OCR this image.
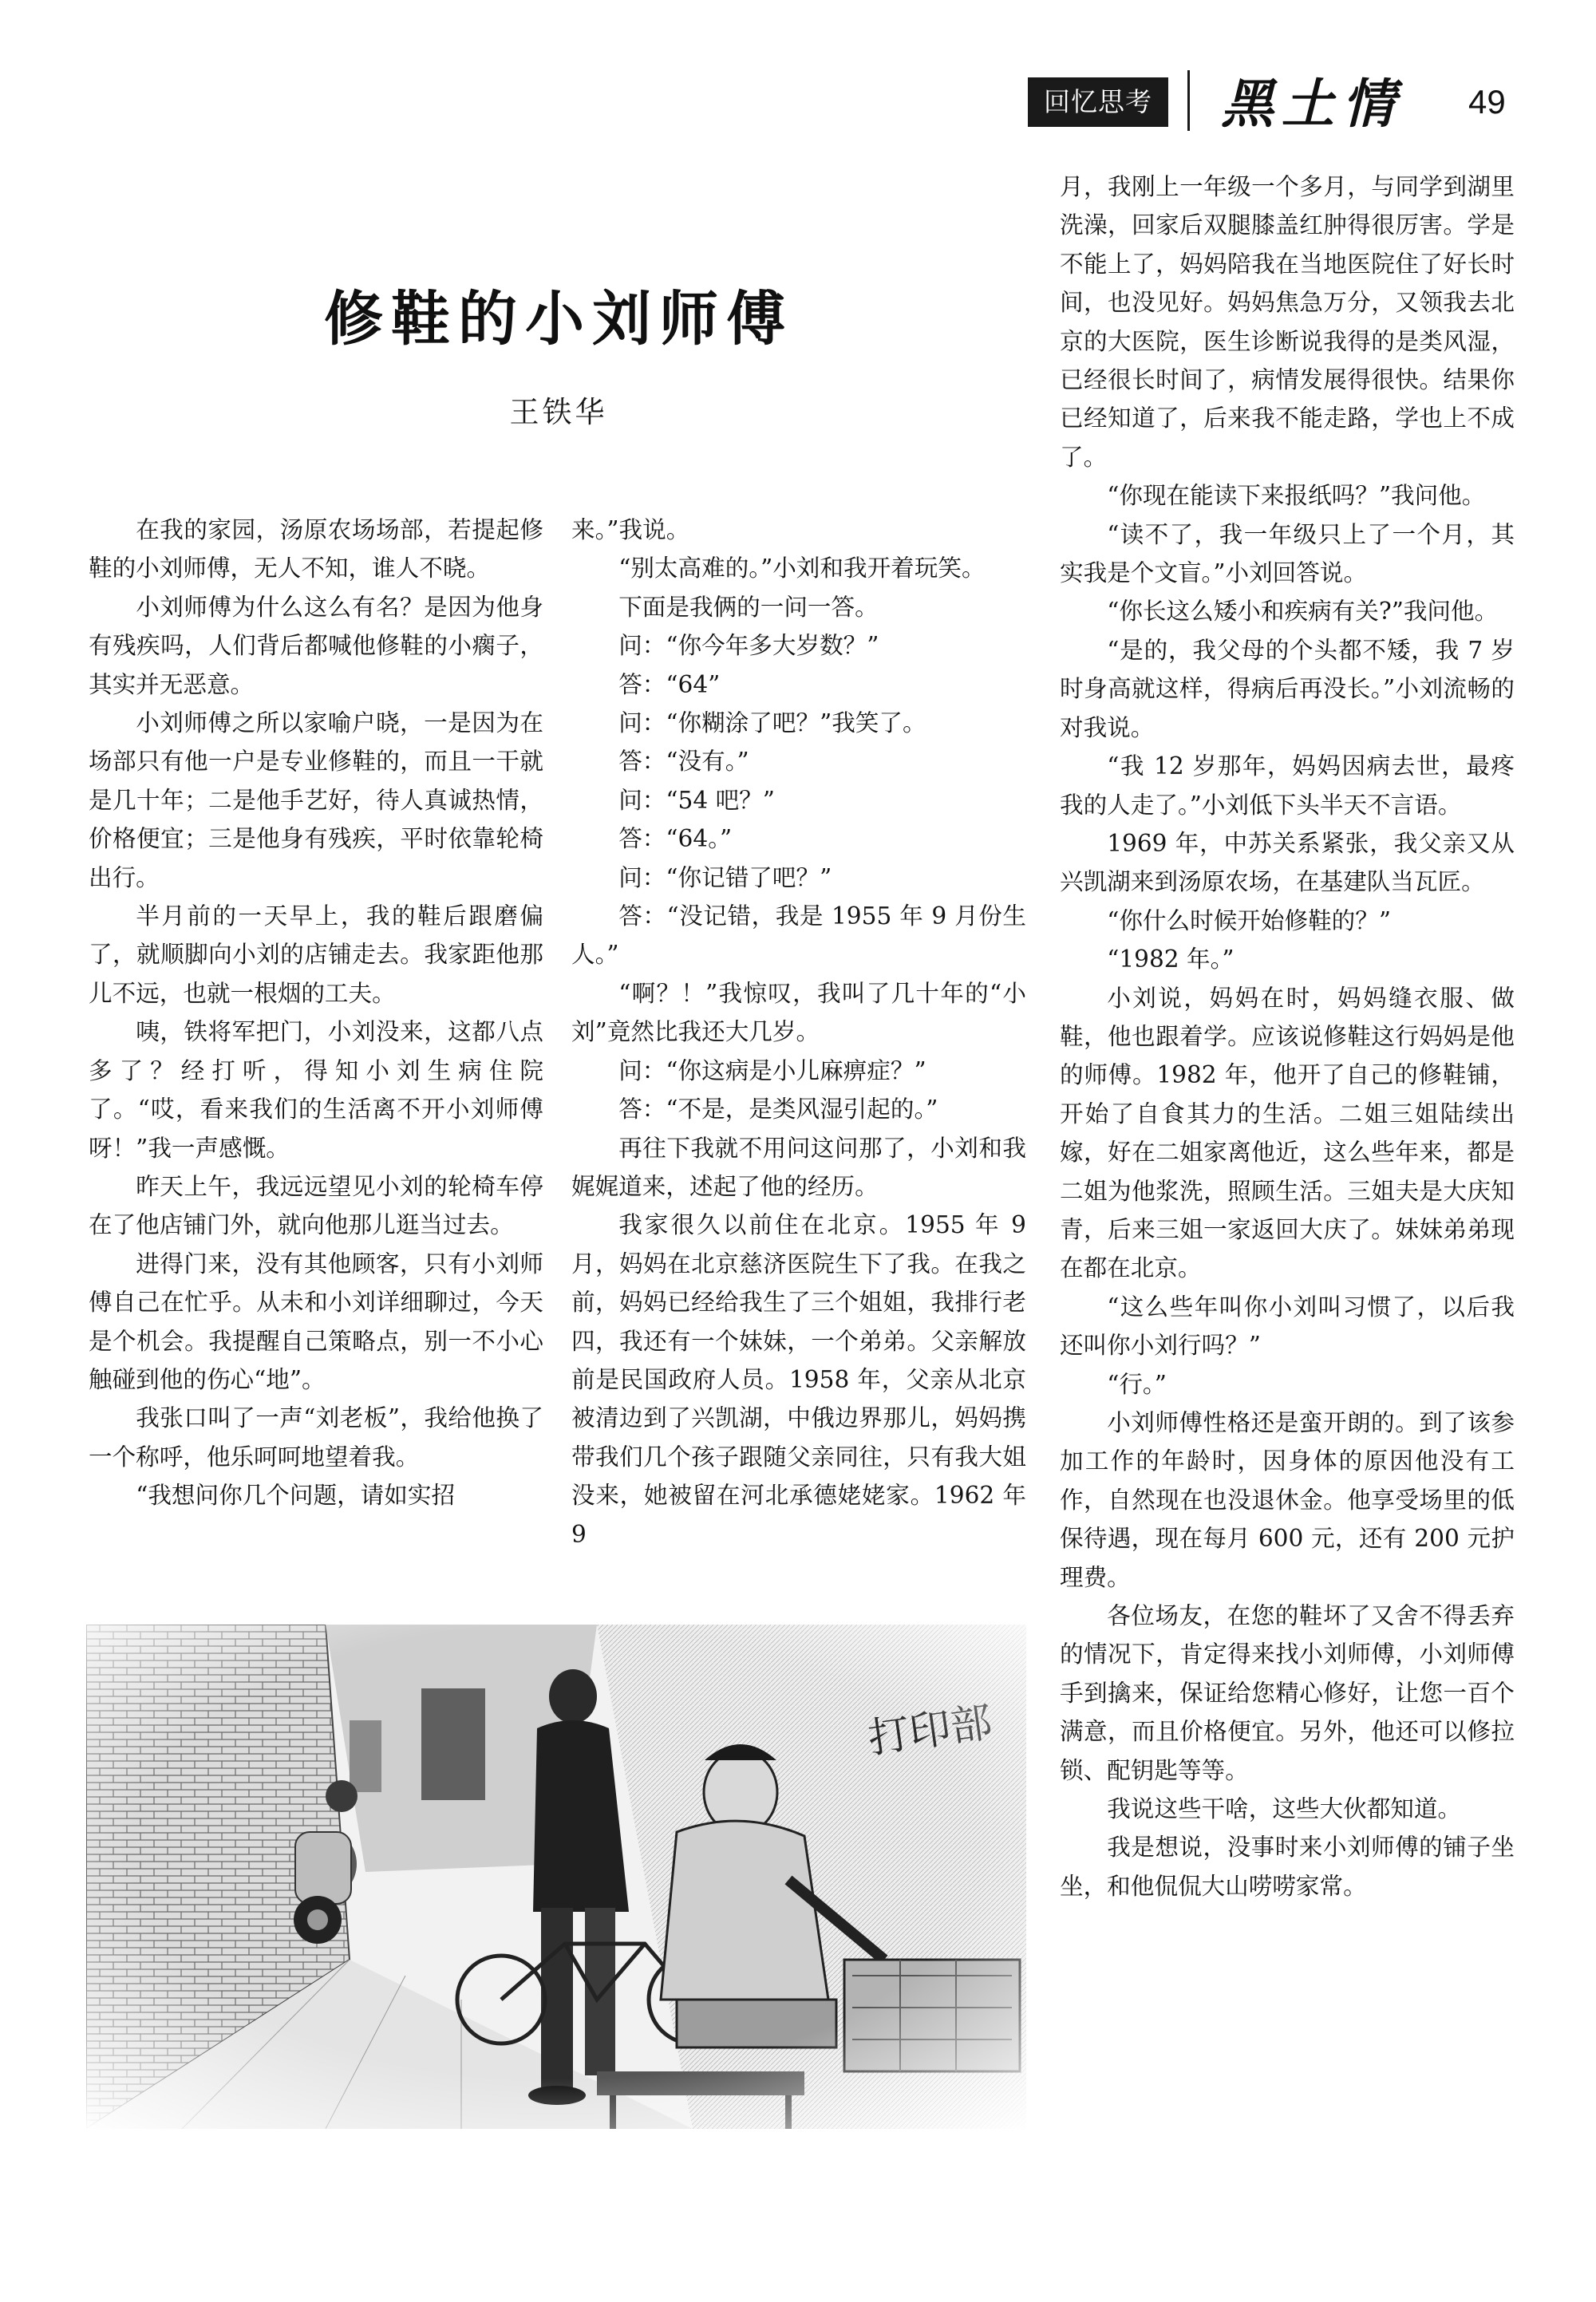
回忆思考	黑土情	49
修鞋的小刘师傅
王铁华

在我的家园，汤原农场场部，若提起修鞋的小刘师傅，无人不知，谁人不晓。

小刘师傅为什么这么有名？是因为他身有残疾吗，人们背后都喊他修鞋的小瘸子，其实并无恶意。

小刘师傅之所以家喻户晓，一是因为在场部只有他一户是专业修鞋的，而且一干就是几十年；二是他手艺好，待人真诚热情，价格便宜；三是他身有残疾，平时依靠轮椅出行。

半月前的一天早上，我的鞋后跟磨偏了，就顺脚向小刘的店铺走去。我家距他那儿不远，也就一根烟的工夫。

咦，铁将军把门，小刘没来，这都八点多了？经打听，得知小刘生病住院了。“哎，看来我们的生活离不开小刘师傅呀！”我一声感慨。

昨天上午，我远远望见小刘的轮椅车停在了他店铺门外，就向他那儿逛当过去。

进得门来，没有其他顾客，只有小刘师傅自己在忙乎。从未和小刘详细聊过，今天是个机会。我提醒自己策略点，别一不小心触碰到他的伤心“地”。

我张口叫了一声“刘老板”，我给他换了一个称呼，他乐呵呵地望着我。

“我想问你几个问题，请如实招

来。”我说。

“别太高难的。”小刘和我开着玩笑。

下面是我俩的一问一答。

问：“你今年多大岁数？”

答：“64”

问：“你糊涂了吧？”我笑了。

答：“没有。”

问：“54 吧？”

答：“64。”

问：“你记错了吧？”

答：“没记错，我是 1955 年 9 月份生人。”

“啊？！”我惊叹，我叫了几十年的“小刘”竟然比我还大几岁。

问：“你这病是小儿麻痹症？”

答：“不是，是类风湿引起的。”

再往下我就不用问这问那了，小刘和我娓娓道来，述起了他的经历。

我家很久以前住在北京。1955 年 9 月，妈妈在北京慈济医院生下了我。在我之前，妈妈已经给我生了三个姐姐，我排行老四，我还有一个妹妹，一个弟弟。父亲解放前是民国政府人员。1958 年，父亲从北京被清边到了兴凯湖，中俄边界那儿，妈妈携带我们几个孩子跟随父亲同往，只有我大姐没来，她被留在河北承德姥姥家。1962 年 9

月，我刚上一年级一个多月，与同学到湖里洗澡，回家后双腿膝盖红肿得很厉害。学是不能上了，妈妈陪我在当地医院住了好长时间，也没见好。妈妈焦急万分，又领我去北京的大医院，医生诊断说我得的是类风湿，已经很长时间了，病情发展得很快。结果你已经知道了，后来我不能走路，学也上不成了。

“你现在能读下来报纸吗？”我问他。

“读不了，我一年级只上了一个月，其实我是个文盲。”小刘回答说。

“你长这么矮小和疾病有关?”我问他。

“是的，我父母的个头都不矮，我 7 岁时身高就这样，得病后再没长。”小刘流畅的对我说。

“我 12 岁那年，妈妈因病去世，最疼我的人走了。”小刘低下头半天不言语。

1969 年，中苏关系紧张，我父亲又从兴凯湖来到汤原农场，在基建队当瓦匠。

“你什么时候开始修鞋的？”

“1982 年。”

小刘说，妈妈在时，妈妈缝衣服、做鞋，他也跟着学。应该说修鞋这行妈妈是他的师傅。1982 年，他开了自己的修鞋铺，开始了自食其力的生活。二姐三姐陆续出嫁，好在二姐家离他近，这么些年来，都是二姐为他浆洗，照顾生活。三姐夫是大庆知青，后来三姐一家返回大庆了。妹妹弟弟现在都在北京。

“这么些年叫你小刘叫习惯了，以后我还叫你小刘行吗？”

“行。”

小刘师傅性格还是蛮开朗的。到了该参加工作的年龄时，因身体的原因他没有工作，自然现在也没退休金。他享受场里的低保待遇，现在每月 600 元，还有 200 元护理费。

各位场友，在您的鞋坏了又舍不得丢弃的情况下，肯定得来找小刘师傅，小刘师傅手到擒来，保证给您精心修好，让您一百个满意，而且价格便宜。另外，他还可以修拉锁、配钥匙等等。

我说这些干啥，这些大伙都知道。

我是想说，没事时来小刘师傅的铺子坐坐，和他侃侃大山唠唠家常。
